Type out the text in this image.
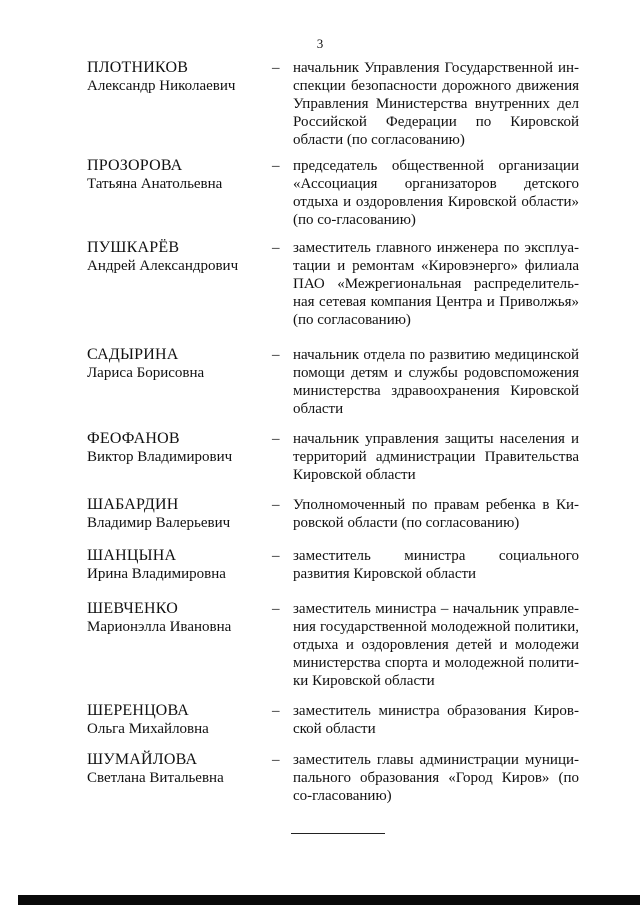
3
ПЛОТНИКОВ
Александр Николаевич
– начальник Управления Государственной ин-спекции безопасности дорожного движения Управления Министерства внутренних дел Российской Федерации по Кировской области (по согласованию)
ПРОЗОРОВА
Татьяна Анатольевна
– председатель общественной организации «Ассоциация организаторов детского отдыха и оздоровления Кировской области» (по со-гласованию)
ПУШКАРЁВ
Андрей Александрович
– заместитель главного инженера по эксплуа-тации и ремонтам «Кировэнерго» филиала ПАО «Межрегиональная распределитель-ная сетевая компания Центра и Приволжья» (по согласованию)
САДЫРИНА
Лариса Борисовна
– начальник отдела по развитию медицинской помощи детям и службы родовспоможения министерства здравоохранения Кировской области
ФЕОФАНОВ
Виктор Владимирович
– начальник управления защиты населения и территорий администрации Правительства Кировской области
ШАБАРДИН
Владимир Валерьевич
– Уполномоченный по правам ребенка в Ки-ровской области (по согласованию)
ШАНЦЫНА
Ирина Владимировна
– заместитель министра социального развития Кировской области
ШЕВЧЕНКО
Марионэлла Ивановна
– заместитель министра – начальник управле-ния государственной молодежной политики, отдыха и оздоровления детей и молодежи министерства спорта и молодежной полити-ки Кировской области
ШЕРЕНЦОВА
Ольга Михайловна
– заместитель министра образования Киров-ской области
ШУМАЙЛОВА
Светлана Витальевна
– заместитель главы администрации муници-пального образования «Город Киров» (по со-гласованию)
